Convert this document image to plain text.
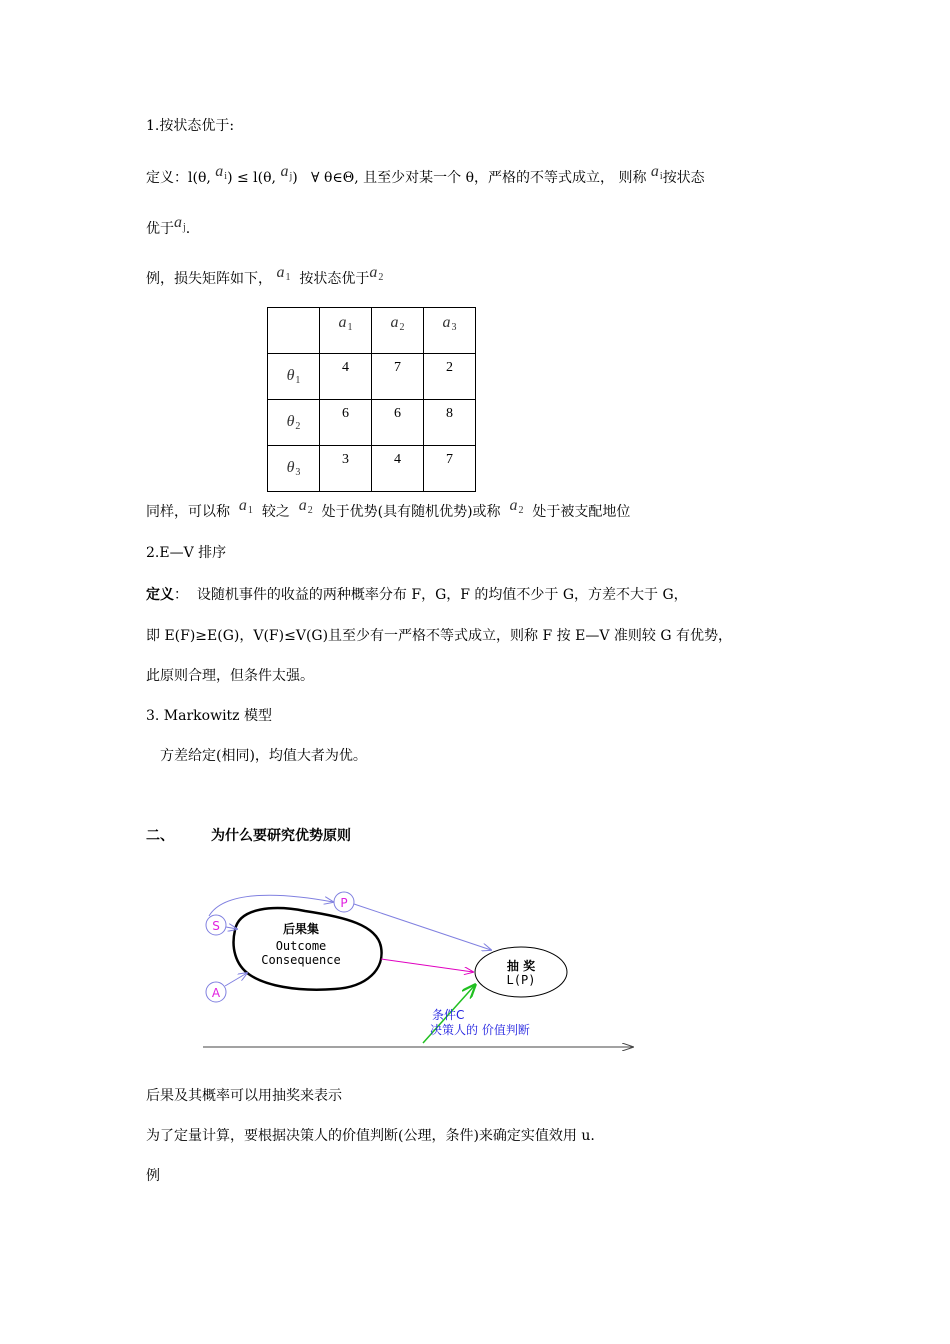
1.按状态优于:
定义：l(θ, $a_i) \le l(\theta$, $a_j$) ∀ θ∈Θ, 且至少对某一个 θ，严格的不等式成立， 则称 $a_i$按状态
优于$a_j$.
例，损失矩阵如下， $a_1$ 按状态优于$a_2$

	$a_1$	$a_2$	$a_3$

$\theta_1$	4	7	2

$\theta_2$	6	6	8

$\theta_3$	3	4	7
同样，可以称 $a_1$ 较之 $a_2$ 处于优势(具有随机优势)或称 $a_2$ 处于被支配地位
2.E—V 排序
定义： 设随机事件的收益的两种概率分布 F，G，F 的均值不少于 G，方差不大于 G，
即 E(F)≥E(G)，V(F)≤V(G)且至少有一严格不等式成立，则称 F 按 E—V 准则较 G 有优势，
此原则合理，但条件太强。
3. Markowitz 模型
方差给定(相同)，均值大者为优。
二、	为什么要研究优势原则
后果集
Outcome
Consequence	抽 奖
L(P)
S
P
A
条件C
决策人的 价值判断
后果及其概率可以用抽奖来表示
为了定量计算，要根据决策人的价值判断(公理，条件)来确定实值效用 u.
例
